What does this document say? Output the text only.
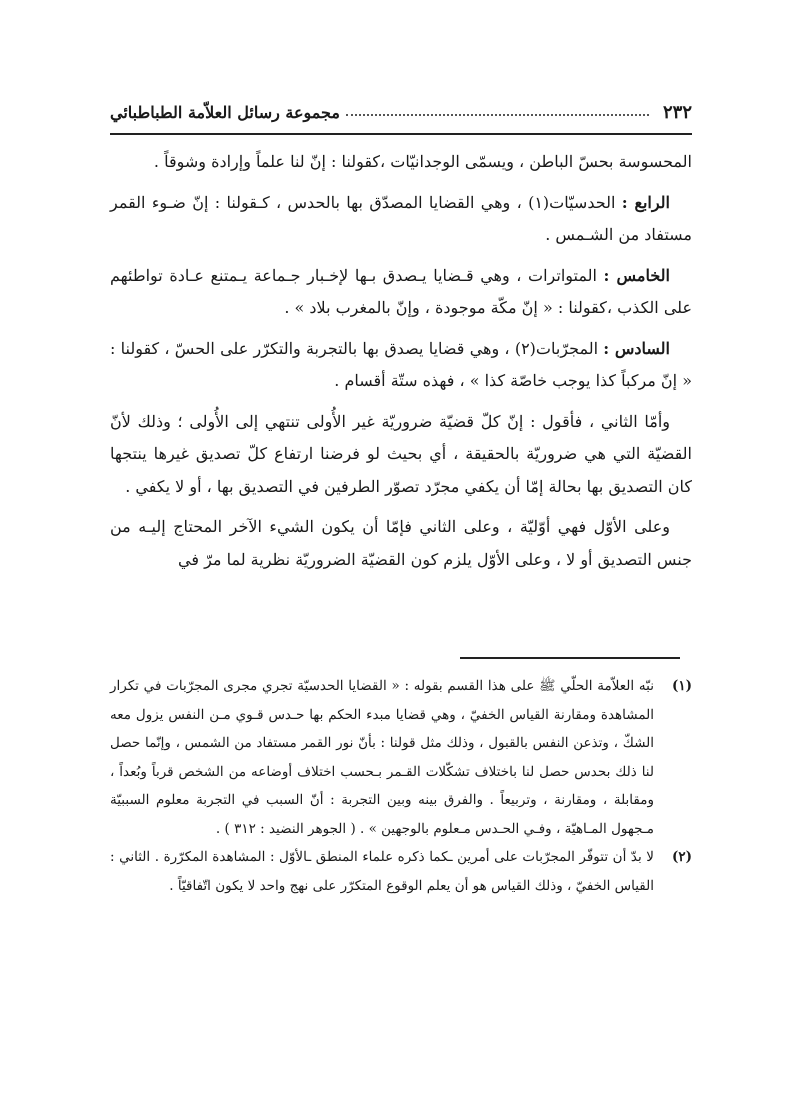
٢٣٢
مجموعة رسائل العلاّمة الطباطبائي

المحسوسة بحسّ الباطن ، ويسمّى الوجدانيّات ،كقولنا : إنّ لنا علماً وإرادة وشوقاً .

الرابع : الحدسيّات(١) ، وهي القضايا المصدّق بها بالحدس ، كـقولنا : إنّ ضـوء القمر مستفاد من الشـمس .

الخامس : المتواترات ، وهي قـضايا يـصدق بـها لإخـبار جـماعة يـمتنع عـادة تواطئهم على الكذب ،كقولنا : « إنّ مكّة موجودة ، وإنّ بالمغرب بلاد » .

السادس : المجرّبات(٢) ، وهي قضايا يصدق بها بالتجربة والتكرّر على الحسّ ، كقولنا : « إنّ مركباً كذا يوجب خاصّة كذا » ، فهذه ستّة أقسام .

وأمّا الثاني ، فأقول : إنّ كلّ قضيّة ضروريّة غير الأُولى تنتهي إلى الأُولى ؛ وذلك لأنّ القضيّة التي هي ضروريّة بالحقيقة ، أي بحيث لو فرضنا ارتفاع كلّ تصديق غيرها ينتجها كان التصديق بها بحالة إمّا أن يكفي مجرّد تصوّر الطرفين في التصديق بها ، أو لا يكفي .

وعلى الأوّل فهي أوّليّة ، وعلى الثاني فإمّا أن يكون الشيء الآخر المحتاج إليـه من جنس التصديق أو لا ، وعلى الأوّل يلزم كون القضيّة الضروريّة نظرية لما مرّ في

(١)
نبّه العلاّمة الحلّي ﷺ على هذا القسم بقوله : « القضايا الحدسيّة تجري مجرى المجرّبات في تكرار المشاهدة ومقارنة القياس الخفيّ ، وهي قضايا مبدء الحكم بها حـدس قـوي مـن النفس يزول معه الشكّ ، وتذعن النفس بالقبول ، وذلك مثل قولنا : بأنّ نور القمر مستفاد من الشمس ، وإنّما حصل لنا ذلك بحدس حصل لنا باختلاف تشكّلات القـمر بـحسب اختلاف أوضاعه من الشخص قرباً وبُعداً ، ومقابلة ، ومقارنة ، وتربيعاً . والفرق بينه وبين التجربة : أنّ السبب في التجربة معلوم السببيّة مـجهول المـاهيّة ، وفـي الحـدس مـعلوم بالوجهين » . ( الجوهر النضيد : ٣١٢ ) .
(٢)
لا بدّ أن تتوفّر المجرّبات على أمرين ـكما ذكره علماء المنطق ـالأوّل : المشاهدة المكرّرة . الثاني : القياس الخفيّ ، وذلك القياس هو أن يعلم الوقوع المتكرّر على نهج واحد لا يكون اتّفاقيّاً .
